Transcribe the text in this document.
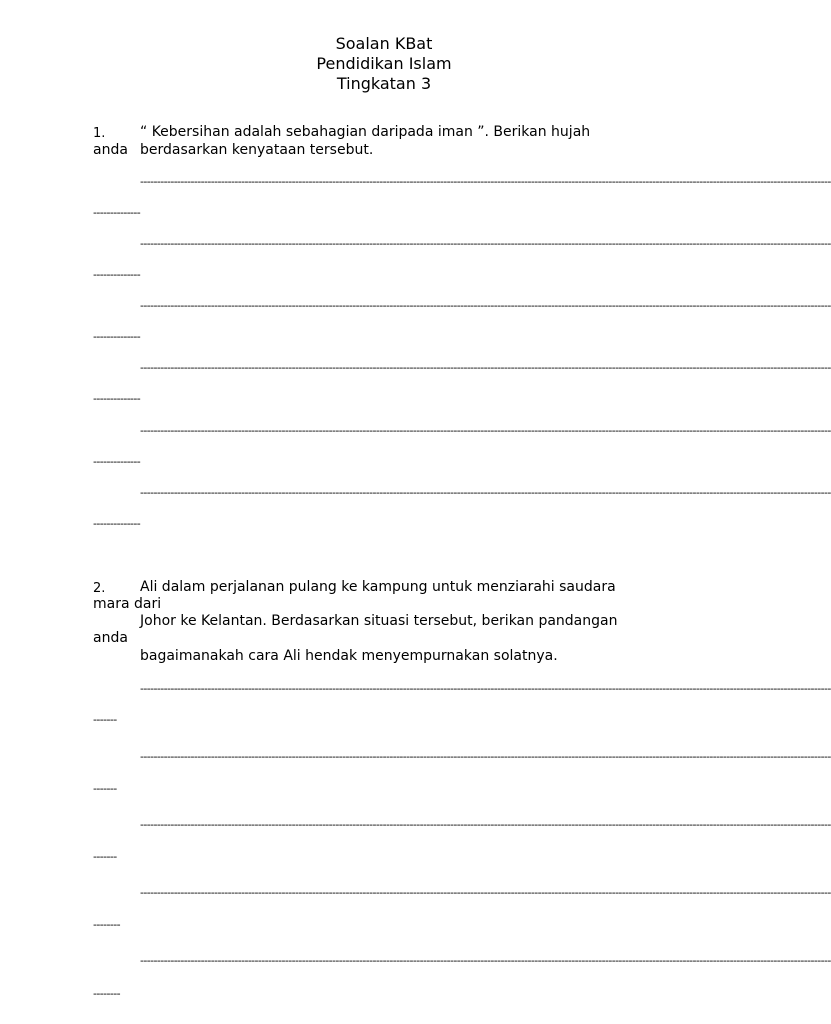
Soalan KBat
Pendidikan Islam
Tingkatan 3
1. “ Kebersihan adalah sebahagian daripada iman ”. Berikan hujah
anda berdasarkan kenyataan tersebut.
-------------------------------------------------------------------------------------------------------------------------------------------------------------------------------------------------------------
--------------
-------------------------------------------------------------------------------------------------------------------------------------------------------------------------------------------------------------
--------------
-------------------------------------------------------------------------------------------------------------------------------------------------------------------------------------------------------------
--------------
-------------------------------------------------------------------------------------------------------------------------------------------------------------------------------------------------------------
--------------
-------------------------------------------------------------------------------------------------------------------------------------------------------------------------------------------------------------
--------------
-------------------------------------------------------------------------------------------------------------------------------------------------------------------------------------------------------------
--------------
2. Ali dalam perjalanan pulang ke kampung untuk menziarahi saudara
mara dari
Johor ke Kelantan. Berdasarkan situasi tersebut, berikan pandangan
anda
bagaimanakah cara Ali hendak menyempurnakan solatnya.
-------------------------------------------------------------------------------------------------------------------------------------------------------------------------------------------------------------
-------
-------------------------------------------------------------------------------------------------------------------------------------------------------------------------------------------------------------
-------
-------------------------------------------------------------------------------------------------------------------------------------------------------------------------------------------------------------
-------
-------------------------------------------------------------------------------------------------------------------------------------------------------------------------------------------------------------
--------
-------------------------------------------------------------------------------------------------------------------------------------------------------------------------------------------------------------
--------
